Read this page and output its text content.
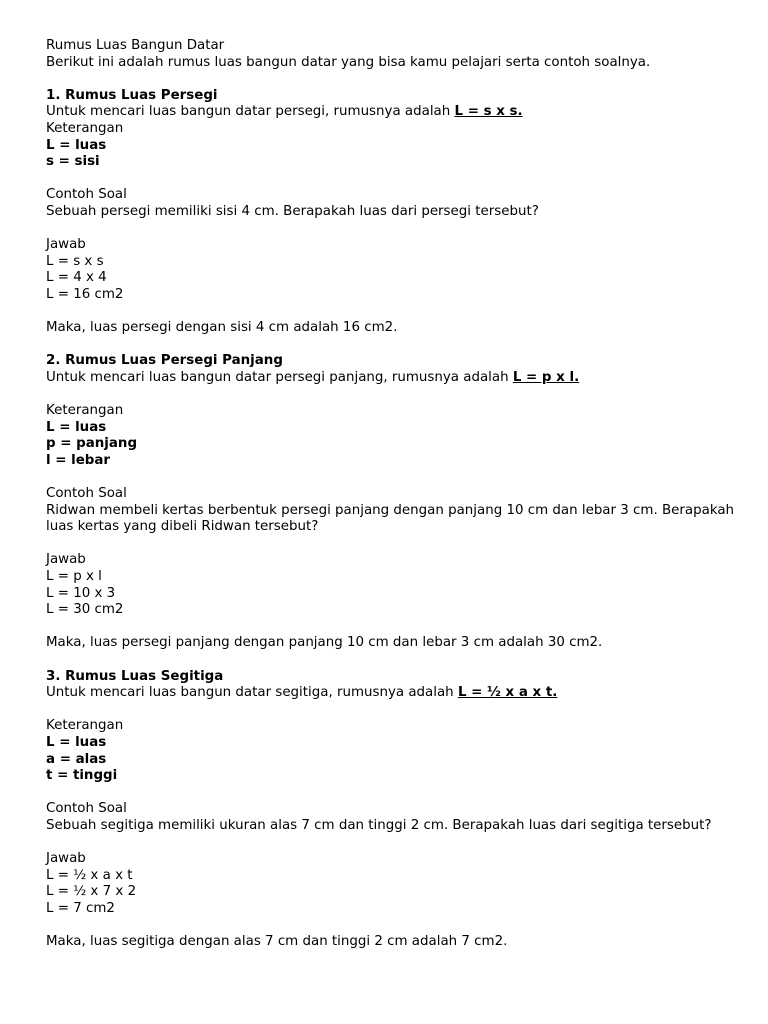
Rumus Luas Bangun Datar
Berikut ini adalah rumus luas bangun datar yang bisa kamu pelajari serta contoh soalnya.
1. Rumus Luas Persegi
Untuk mencari luas bangun datar persegi, rumusnya adalah L = s x s.
Keterangan
L = luas
s = sisi
Contoh Soal
Sebuah persegi memiliki sisi 4 cm. Berapakah luas dari persegi tersebut?
Jawab
L = s x s
L = 4 x 4
L = 16 cm2
Maka, luas persegi dengan sisi 4 cm adalah 16 cm2.
2. Rumus Luas Persegi Panjang
Untuk mencari luas bangun datar persegi panjang, rumusnya adalah L = p x l.
Keterangan
L = luas
p = panjang
l = lebar
Contoh Soal
Ridwan membeli kertas berbentuk persegi panjang dengan panjang 10 cm dan lebar 3 cm. Berapakah luas kertas yang dibeli Ridwan tersebut?
Jawab
L = p x l
L = 10 x 3
L = 30 cm2
Maka, luas persegi panjang dengan panjang 10 cm dan lebar 3 cm adalah 30 cm2.
3. Rumus Luas Segitiga
Untuk mencari luas bangun datar segitiga, rumusnya adalah L = ½ x a x t.
Keterangan
L = luas
a = alas
t = tinggi
Contoh Soal
Sebuah segitiga memiliki ukuran alas 7 cm dan tinggi 2 cm. Berapakah luas dari segitiga tersebut?
Jawab
L = ½ x a x t
L = ½ x 7 x 2
L = 7 cm2
Maka, luas segitiga dengan alas 7 cm dan tinggi 2 cm adalah 7 cm2.
